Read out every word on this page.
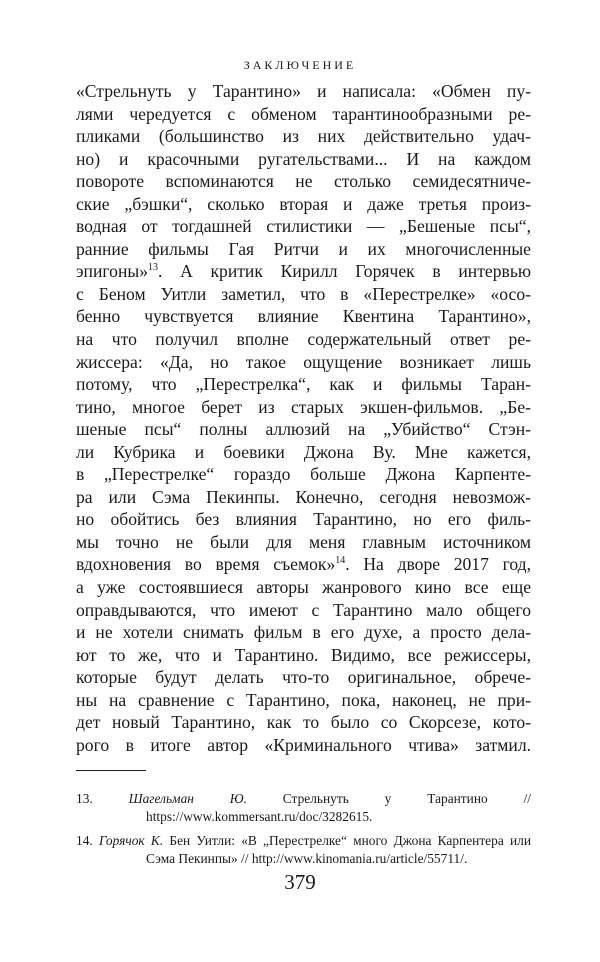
ЗАКЛЮЧЕНИЕ
«Стрельнуть у Тарантино» и написала: «Обмен пу-
лями чередуется с обменом тарантинообразными ре-
пликами (большинство из них действительно удач-
но) и красочными ругательствами... И на каждом
повороте вспоминаются не столько семидесятниче-
ские „бэшки“, сколько вторая и даже третья произ-
водная от тогдашней стилистики — „Бешеные псы“,
ранние фильмы Гая Ритчи и их многочисленные
эпигоны»$^{13}$. А критик Кирилл Горячек в интервью
с Беном Уитли заметил, что в «Перестрелке» «осо-
бенно чувствуется влияние Квентина Тарантино»,
на что получил вполне содержательный ответ ре-
жиссера: «Да, но такое ощущение возникает лишь
потому, что „Перестрелка“, как и фильмы Таран-
тино, многое берет из старых экшен-фильмов. „Бе-
шеные псы“ полны аллюзий на „Убийство“ Стэн-
ли Кубрика и боевики Джона Ву. Мне кажется,
в „Перестрелке“ гораздо больше Джона Карпенте-
ра или Сэма Пекинпы. Конечно, сегодня невозмож-
но обойтись без влияния Тарантино, но его филь-
мы точно не были для меня главным источником
вдохновения во время съемок»$^{14}$. На дворе 2017 год,
а уже состоявшиеся авторы жанрового кино все еще
оправдываются, что имеют с Тарантино мало общего
и не хотели снимать фильм в его духе, а просто дела-
ют то же, что и Тарантино. Видимо, все режиссеры,
которые будут делать что-то оригинальное, обрече-
ны на сравнение с Тарантино, пока, наконец, не при-
дет новый Тарантино, как то было со Скорсезе, кото-
рого в итоге автор «Криминального чтива» затмил.
13.	Шагельман Ю. Стрельнуть у Тарантино // https://www.kommersant.ru/doc/3282615.
14. Горячок К. Бен Уитли: «В „Перестрелке“ много Джона Карпентера или Сэма Пекинпы» // http://www.kinomania.ru/article/55711/.
379
